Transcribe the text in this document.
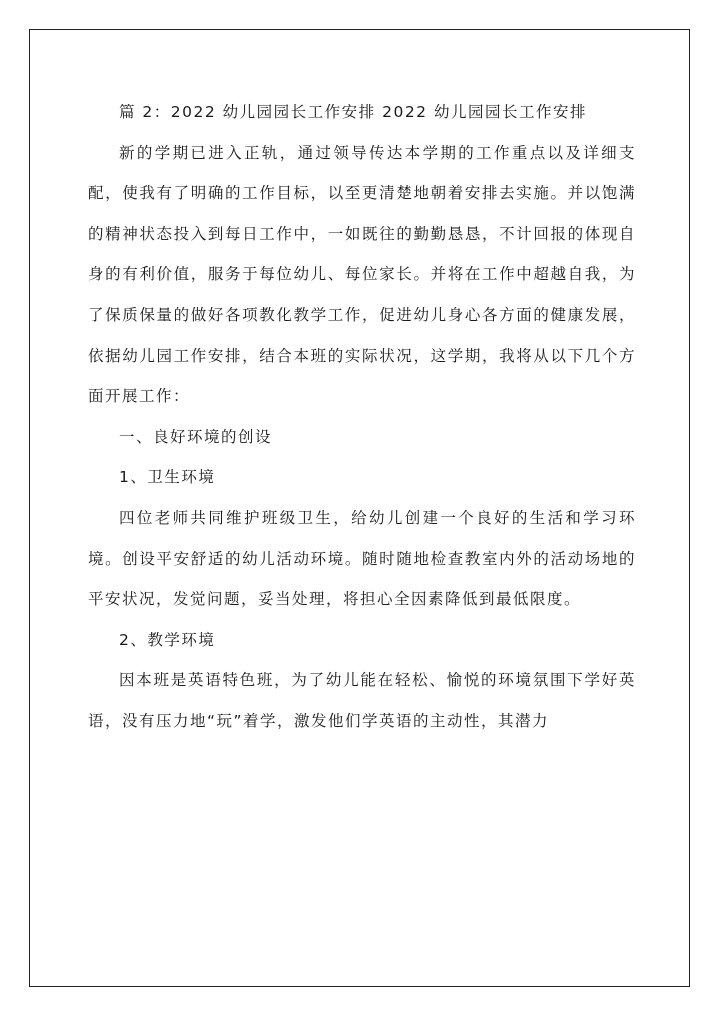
篇 2：2022 幼儿园园长工作安排 2022 幼儿园园长工作安排

新的学期已进入正轨，通过领导传达本学期的工作重点以及详细支配，使我有了明确的工作目标，以至更清楚地朝着安排去实施。并以饱满的精神状态投入到每日工作中，一如既往的勤勤恳恳，不计回报的体现自身的有利价值，服务于每位幼儿、每位家长。并将在工作中超越自我，为了保质保量的做好各项教化教学工作，促进幼儿身心各方面的健康发展，依据幼儿园工作安排，结合本班的实际状况，这学期，我将从以下几个方面开展工作：

一、良好环境的创设

1、卫生环境

四位老师共同维护班级卫生，给幼儿创建一个良好的生活和学习环境。创设平安舒适的幼儿活动环境。随时随地检查教室内外的活动场地的平安状况，发觉问题，妥当处理，将担心全因素降低到最低限度。

2、教学环境

因本班是英语特色班，为了幼儿能在轻松、愉悦的环境氛围下学好英语，没有压力地“玩”着学，激发他们学英语的主动性，其潜力
